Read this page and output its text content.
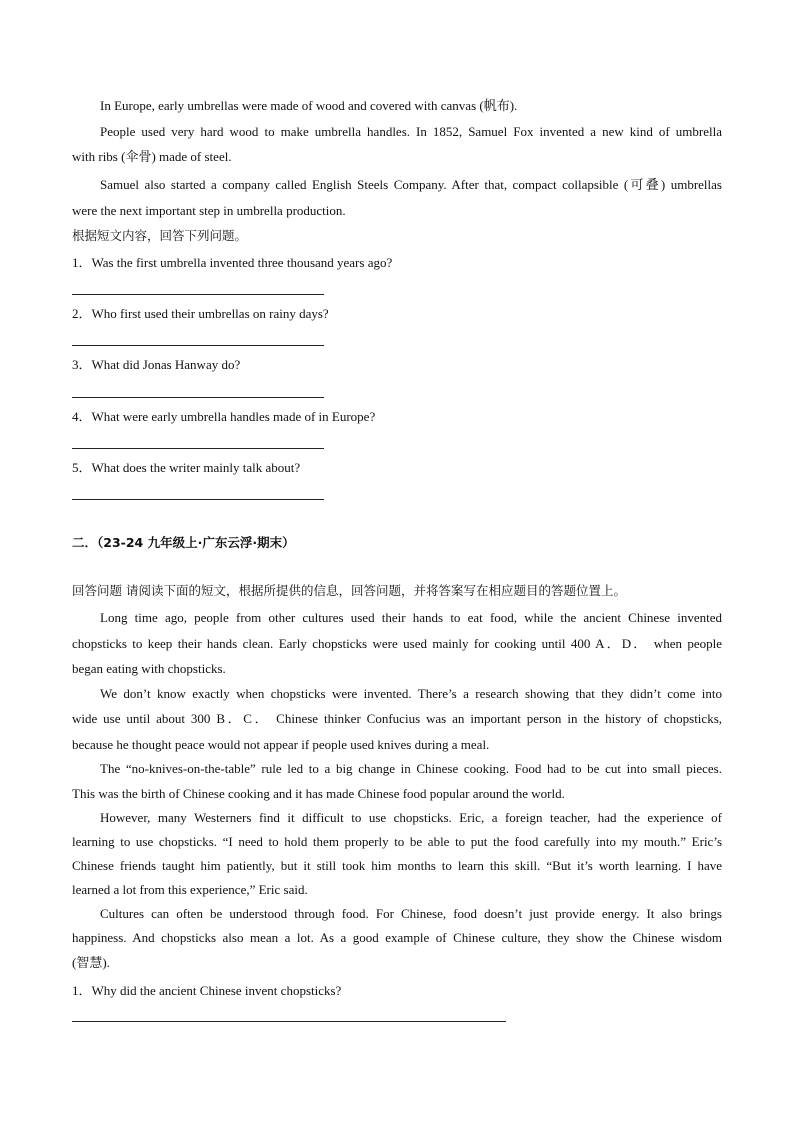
In Europe, early umbrellas were made of wood and covered with canvas (帆布).
People used very hard wood to make umbrella handles. In 1852, Samuel Fox invented a new kind of umbrella
with ribs (伞骨) made of steel.
Samuel also started a company called English Steels Company. After that, compact collapsible (可叠) umbrellas
were the next important step in umbrella production.
根据短文内容，回答下列问题。
1．Was the first umbrella invented three thousand years ago?
2．Who first used their umbrellas on rainy days?
3．What did Jonas Hanway do?
4．What were early umbrella handles made of in Europe?
5．What does the writer mainly talk about?
二．（23-24 九年级上·广东云浮·期末）
回答问题 请阅读下面的短文，根据所提供的信息，回答问题，并将答案写在相应题目的答题位置上。
Long time ago, people from other cultures used their hands to eat food, while the ancient Chinese invented
chopsticks to keep their hands clean. Early chopsticks were used mainly for cooking until 400 A．D． when people
began eating with chopsticks.
We don’t know exactly when chopsticks were invented. There’s a research showing that they didn’t come into
wide use until about 300 B．C． Chinese thinker Confucius was an important person in the history of chopsticks,
because he thought peace would not appear if people used knives during a meal.
The “no-knives-on-the-table” rule led to a big change in Chinese cooking. Food had to be cut into small pieces.
This was the birth of Chinese cooking and it has made Chinese food popular around the world.
However, many Westerners find it difficult to use chopsticks. Eric, a foreign teacher, had the experience of
learning to use chopsticks. “I need to hold them properly to be able to put the food carefully into my mouth.” Eric’s
Chinese friends taught him patiently, but it still took him months to learn this skill. “But it’s worth learning. I have
learned a lot from this experience,” Eric said.
Cultures can often be understood through food. For Chinese, food doesn’t just provide energy. It also brings
happiness. And chopsticks also mean a lot. As a good example of Chinese culture, they show the Chinese wisdom
(智慧).
1．Why did the ancient Chinese invent chopsticks?
